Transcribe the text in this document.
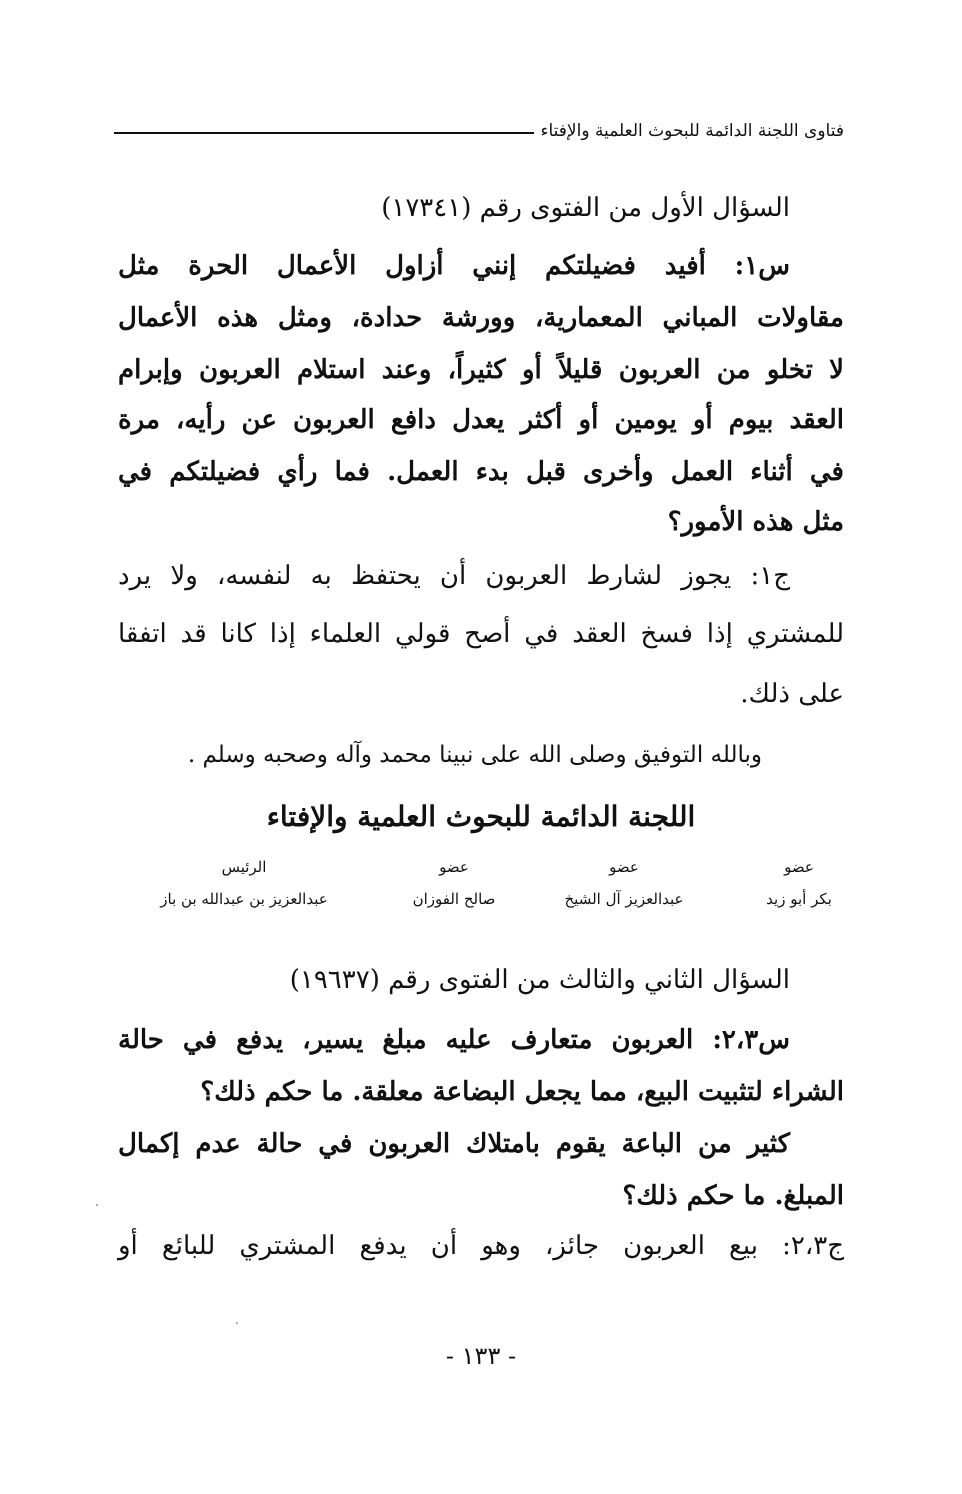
فتاوى اللجنة الدائمة للبحوث العلمية والإفتاء
السؤال الأول من الفتوى رقم (١٧٣٤١)
س١: أفيد فضيلتكم إنني أزاول الأعمال الحرة مثل
مقاولات المباني المعمارية، وورشة حدادة، ومثل هذه الأعمال
لا تخلو من العربون قليلاً أو كثيراً، وعند استلام العربون وإبرام
العقد بيوم أو يومين أو أكثر يعدل دافع العربون عن رأيه، مرة
في أثناء العمل وأخرى قبل بدء العمل. فما رأي فضيلتكم في
مثل هذه الأمور؟
ج١: يجوز لشارط العربون أن يحتفظ به لنفسه، ولا يرد
للمشتري إذا فسخ العقد في أصح قولي العلماء إذا كانا قد اتفقا
على ذلك.
وبالله التوفيق وصلى الله على نبينا محمد وآله وصحبه وسلم .
اللجنة الدائمة للبحوث العلمية والإفتاء
عضو
بكر أبو زيد
عضو
عبدالعزيز آل الشيخ
عضو
صالح الفوزان
الرئيس
عبدالعزيز بن عبدالله بن باز
السؤال الثاني والثالث من الفتوى رقم (١٩٦٣٧)
س٢،٣: العربون متعارف عليه مبلغ يسير، يدفع في حالة
الشراء لتثبيت البيع، مما يجعل البضاعة معلقة. ما حكم ذلك؟
كثير من الباعة يقوم بامتلاك العربون في حالة عدم إكمال
المبلغ. ما حكم ذلك؟
ج٢،٣: بيع العربون جائز، وهو أن يدفع المشتري للبائع أو
- ١٣٣ -
